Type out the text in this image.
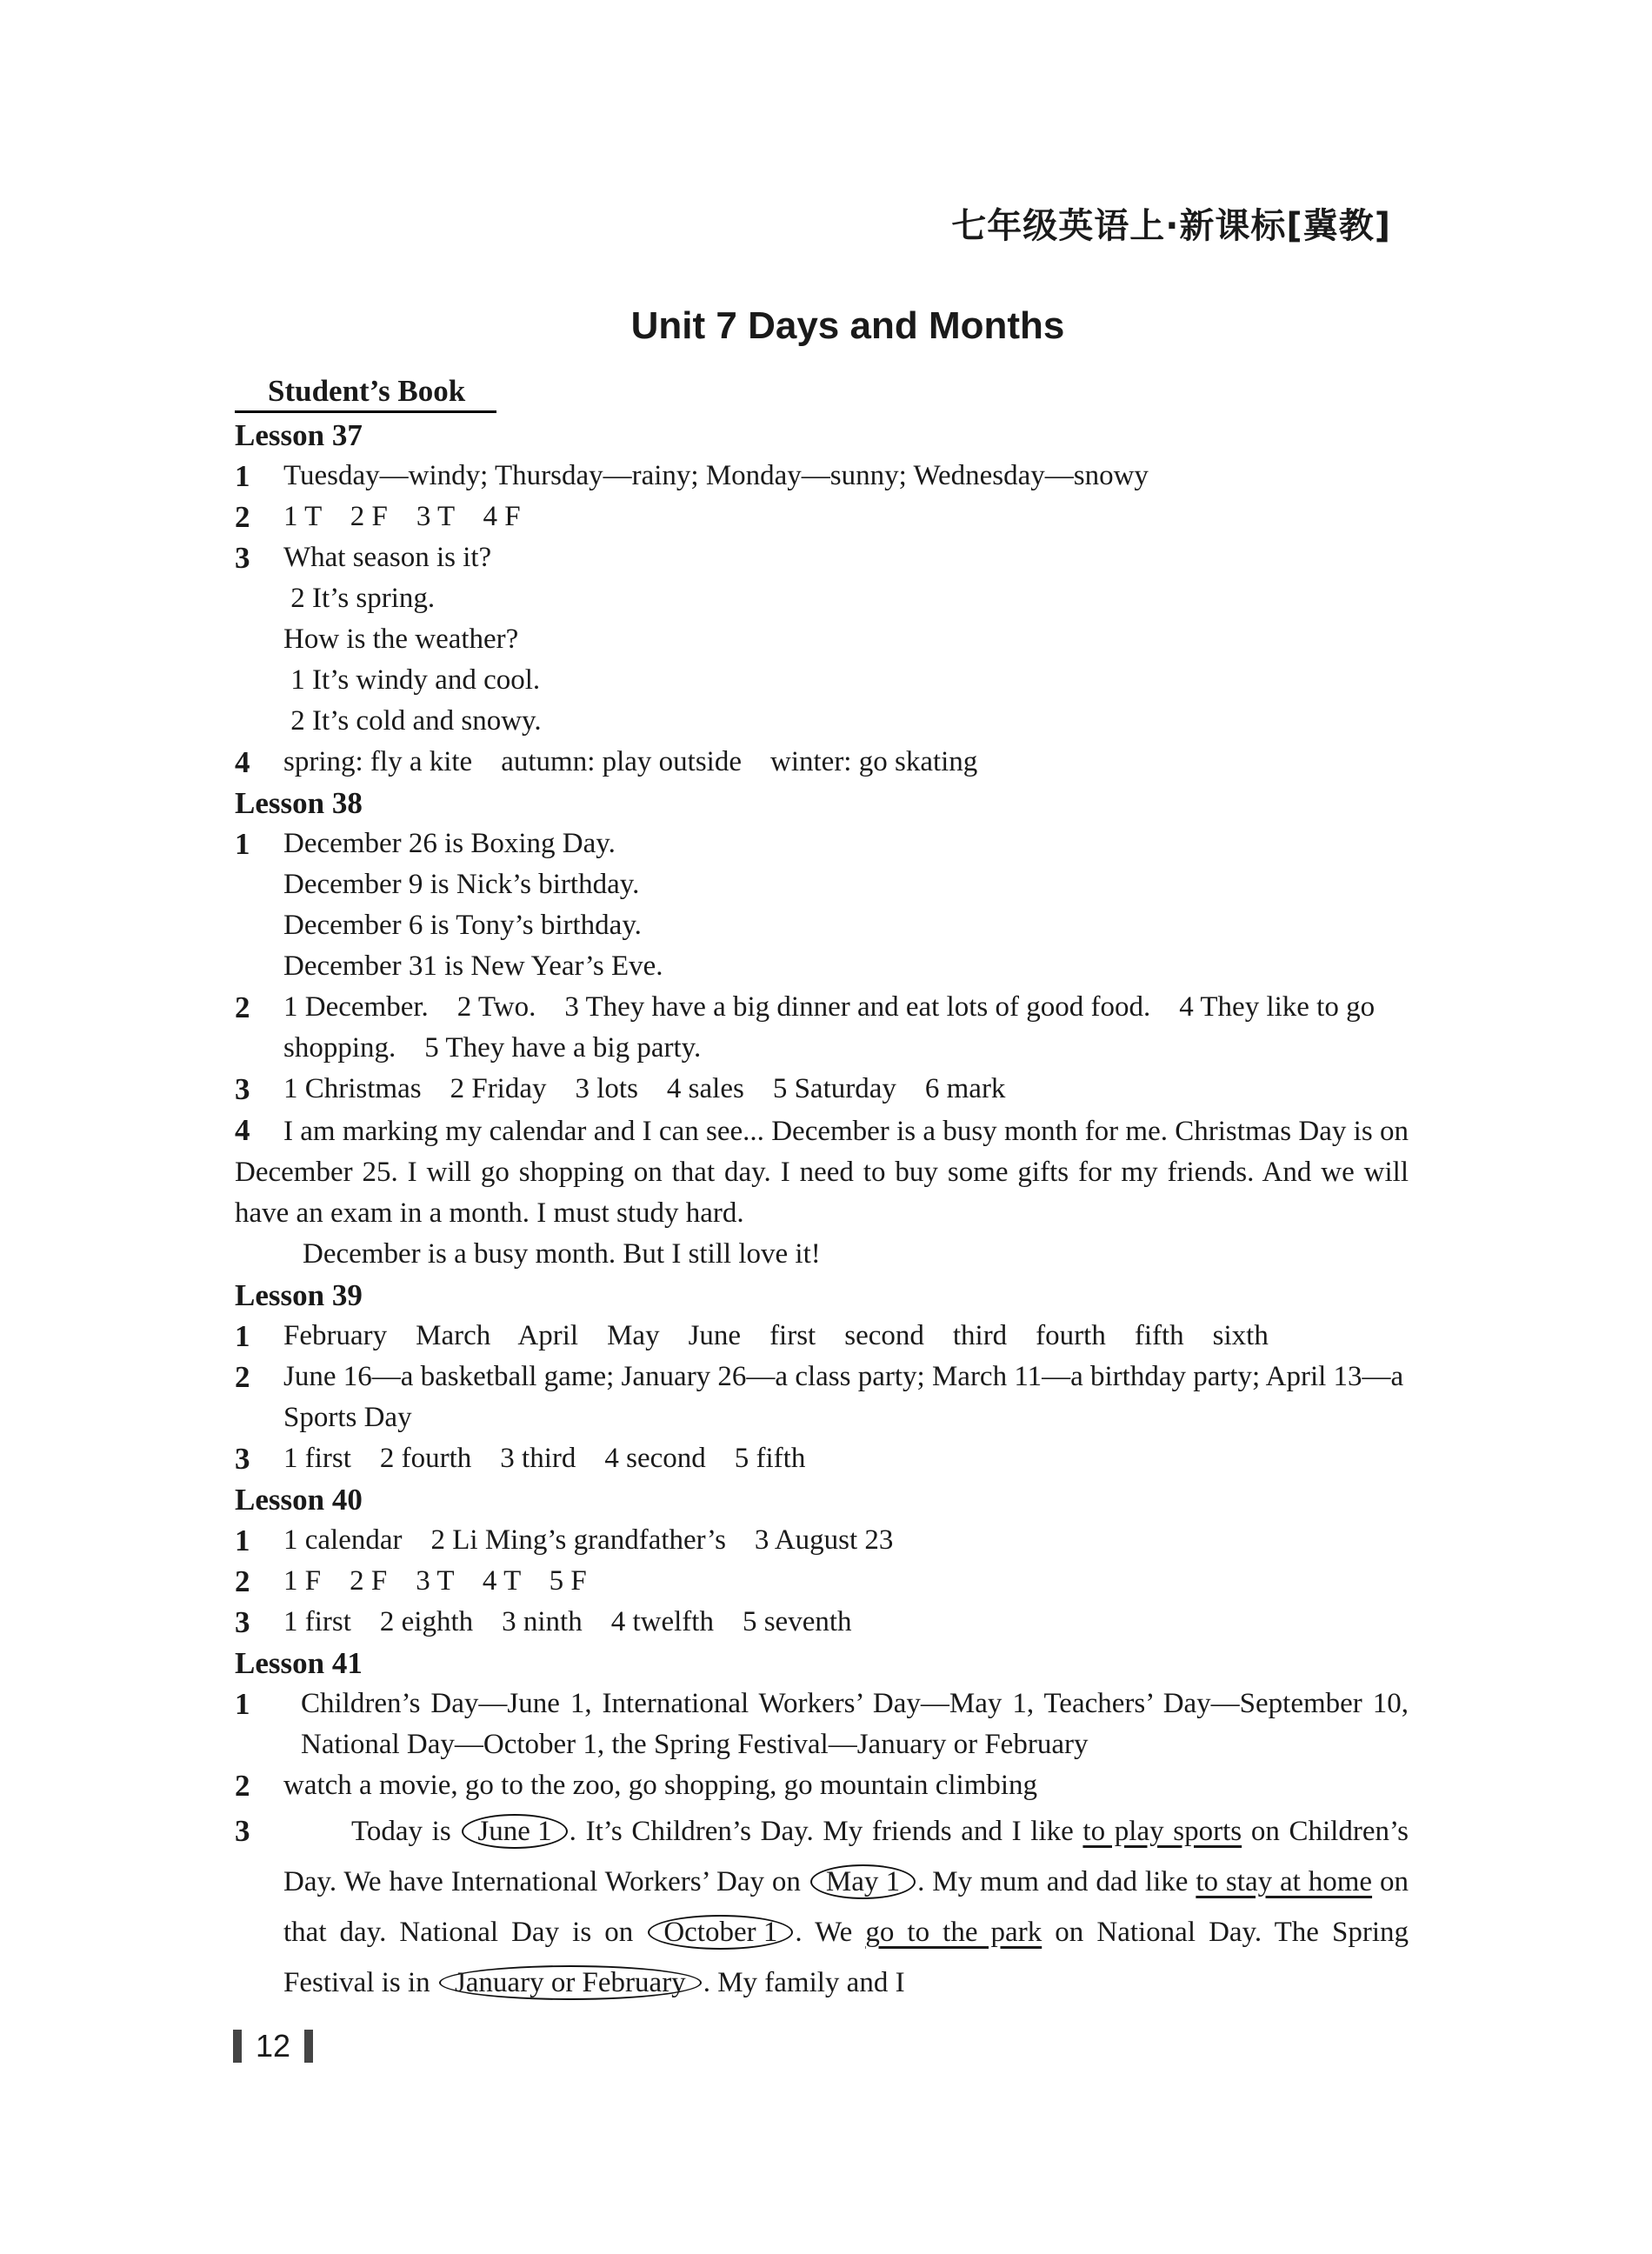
七年级英语上·新课标[冀教]
Unit 7 Days and Months
Student’s Book
Lesson 37
1	Tuesday—windy; Thursday—rainy; Monday—sunny; Wednesday—snowy
2	1 T    2 F    3 T    4 F
3	What season is it?
2 It’s spring.
How is the weather?
1 It’s windy and cool.
2 It’s cold and snowy.
4	spring: fly a kite    autumn: play outside    winter: go skating
Lesson 38
1	December 26 is Boxing Day.
December 9 is Nick’s birthday.
December 6 is Tony’s birthday.
December 31 is New Year’s Eve.
2	1 December.    2 Two.    3 They have a big dinner and eat lots of good food.    4 They like to go shopping.    5 They have a big party.
3	1 Christmas    2 Friday    3 lots    4 sales    5 Saturday    6 mark
4 I am marking my calendar and I can see... December is a busy month for me. Christmas Day is on December 25. I will go shopping on that day. I need to buy some gifts for my friends. And we will have an exam in a month. I must study hard.
December is a busy month. But I still love it!
Lesson 39
1	February    March    April    May    June    first    second    third    fourth    fifth    sixth
2	June 16—a basketball game; January 26—a class party; March 11—a birthday party; April 13—a Sports Day
3	1 first    2 fourth    3 third    4 second    5 fifth
Lesson 40
1	1 calendar    2 Li Ming’s grandfather’s    3 August 23
2	1 F    2 F    3 T    4 T    5 F
3	1 first    2 eighth    3 ninth    4 twelfth    5 seventh
Lesson 41
1	Children’s Day—June 1, International Workers’ Day—May 1, Teachers’ Day—September 10, National Day—October 1, the Spring Festival—January or February
2	watch a movie, go to the zoo, go shopping, go mountain climbing
3	Today is June 1 . It’s Children’s Day. My friends and I like to play sports on Children’s Day. We have International Workers’ Day on May 1 . My mum and dad like to stay at home on that day. National Day is on October 1 . We go to the park on National Day. The Spring Festival is in January or February . My family and I
12
